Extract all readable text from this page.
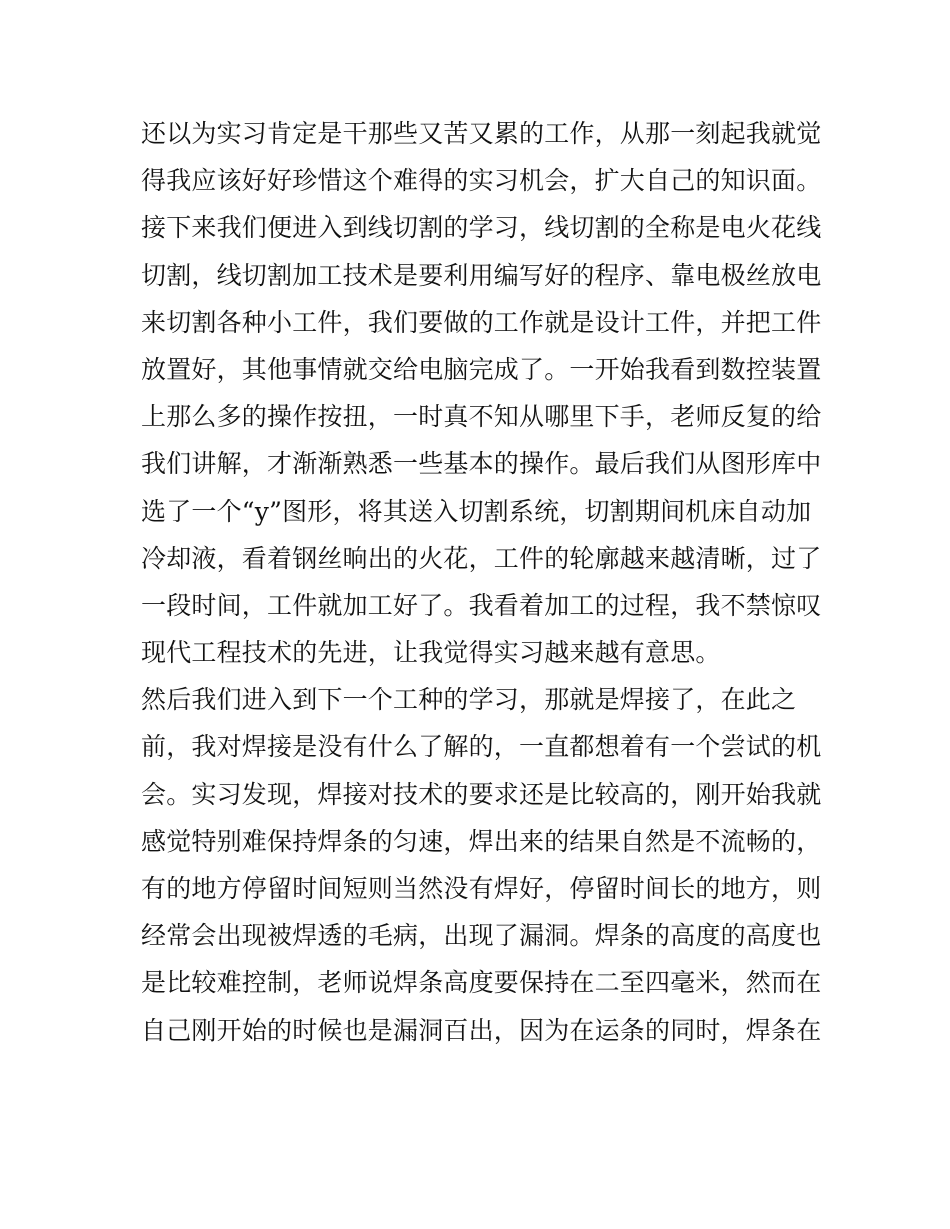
还以为实习肯定是干那些又苦又累的工作，从那一刻起我就觉
得我应该好好珍惜这个难得的实习机会，扩大自己的知识面。
接下来我们便进入到线切割的学习，线切割的全称是电火花线
切割，线切割加工技术是要利用编写好的程序、靠电极丝放电
来切割各种小工件，我们要做的工作就是设计工件，并把工件
放置好，其他事情就交给电脑完成了。一开始我看到数控装置
上那么多的操作按扭，一时真不知从哪里下手，老师反复的给
我们讲解，才渐渐熟悉一些基本的操作。最后我们从图形库中
选了一个“y”图形，将其送入切割系统，切割期间机床自动加
冷却液，看着钢丝晌出的火花，工件的轮廓越来越清晰，过了
一段时间，工件就加工好了。我看着加工的过程，我不禁惊叹
现代工程技术的先进，让我觉得实习越来越有意思。
然后我们进入到下一个工种的学习，那就是焊接了，在此之
前，我对焊接是没有什么了解的，一直都想着有一个尝试的机
会。实习发现，焊接对技术的要求还是比较高的，刚开始我就
感觉特别难保持焊条的匀速，焊出来的结果自然是不流畅的，
有的地方停留时间短则当然没有焊好，停留时间长的地方，则
经常会出现被焊透的毛病，出现了漏洞。焊条的高度的高度也
是比较难控制，老师说焊条高度要保持在二至四毫米，然而在
自己刚开始的时候也是漏洞百出，因为在运条的同时，焊条在
